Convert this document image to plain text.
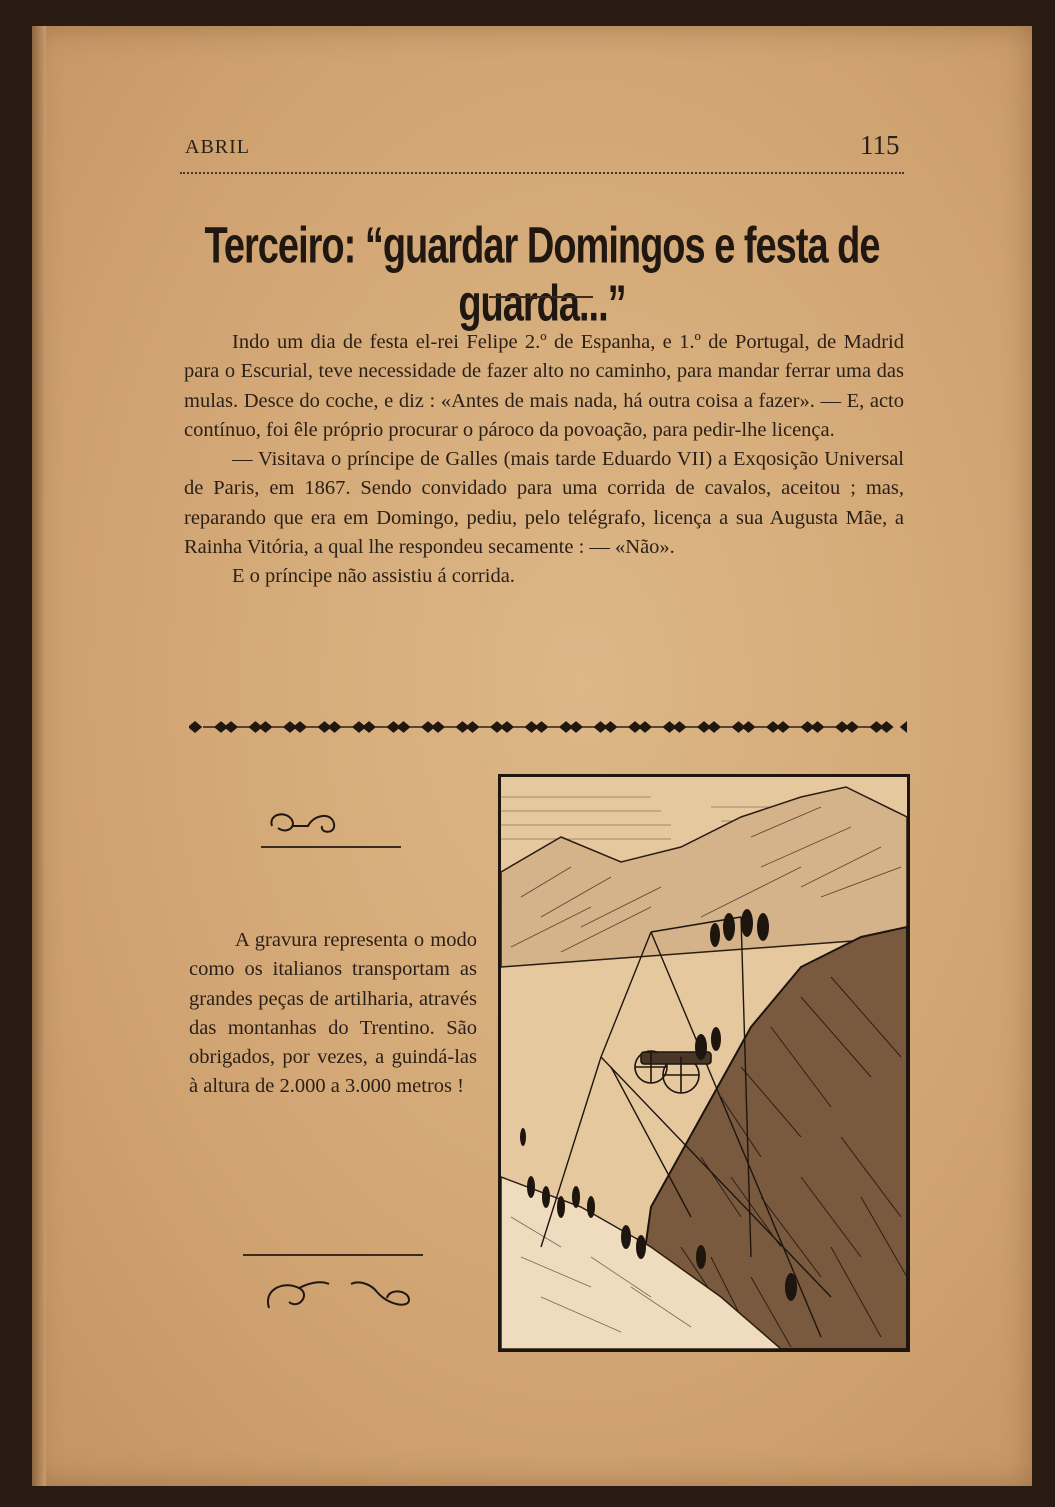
ABRIL	115
Terceiro: “guardar Domingos e festa de guarda...”

Indo um dia de festa el-rei Felipe 2.º de Espanha, e 1.º de Portugal, de Madrid para o Escurial, teve necessidade de fazer alto no caminho, para mandar ferrar uma das mulas. Desce do coche, e diz : «Antes de mais nada, há outra coisa a fazer». — E, acto contínuo, foi êle próprio procurar o pároco da povoação, para pedir-lhe licença.

— Visitava o príncipe de Galles (mais tarde Eduardo VII) a Exqosição Universal de Paris, em 1867. Sendo convidado para uma corrida de cavalos, aceitou ; mas, reparando que era em Domingo, pediu, pelo telégrafo, licença a sua Augusta Mãe, a Rainha Vitória, a qual lhe respondeu secamente : — «Não».

E o príncipe não assistiu á corrida.

A gravura representa o modo como os italianos transportam as grandes peças de artilharia, através das montanhas do Trentino. São obrigados, por vezes, a guindá-las à altura de 2.000 a 3.000 metros !
